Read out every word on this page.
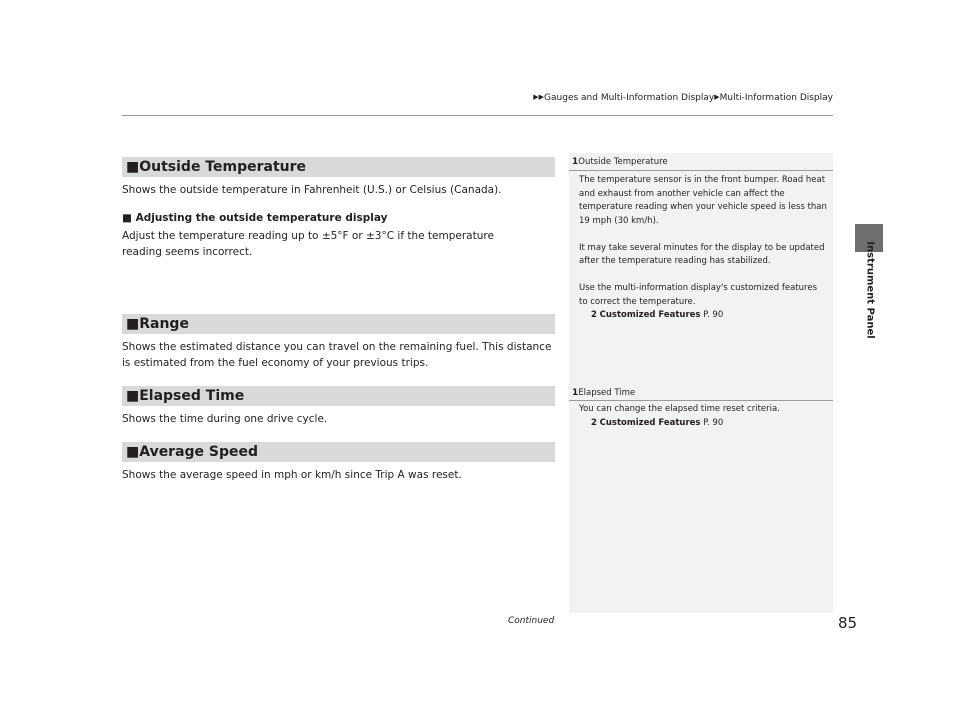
▶▶Gauges and Multi-Information Display▶Multi-Information Display
Instrument Panel
■Outside Temperature
Shows the outside temperature in Fahrenheit (U.S.) or Celsius (Canada).
■ Adjusting the outside temperature display
Adjust the temperature reading up to ±5°F or ±3°C if the temperature reading seems incorrect.
■Range
Shows the estimated distance you can travel on the remaining fuel. This distance is estimated from the fuel economy of your previous trips.
■Elapsed Time
Shows the time during one drive cycle.
■Average Speed
Shows the average speed in mph or km/h since Trip A was reset.
1Outside Temperature

The temperature sensor is in the front bumper. Road heat and exhaust from another vehicle can affect the temperature reading when your vehicle speed is less than 19 mph (30 km/h).

It may take several minutes for the display to be updated after the temperature reading has stabilized.

Use the multi-information display's customized features to correct the temperature.

2 Customized Features P. 90
1Elapsed Time

You can change the elapsed time reset criteria.

2 Customized Features P. 90
Continued	85
